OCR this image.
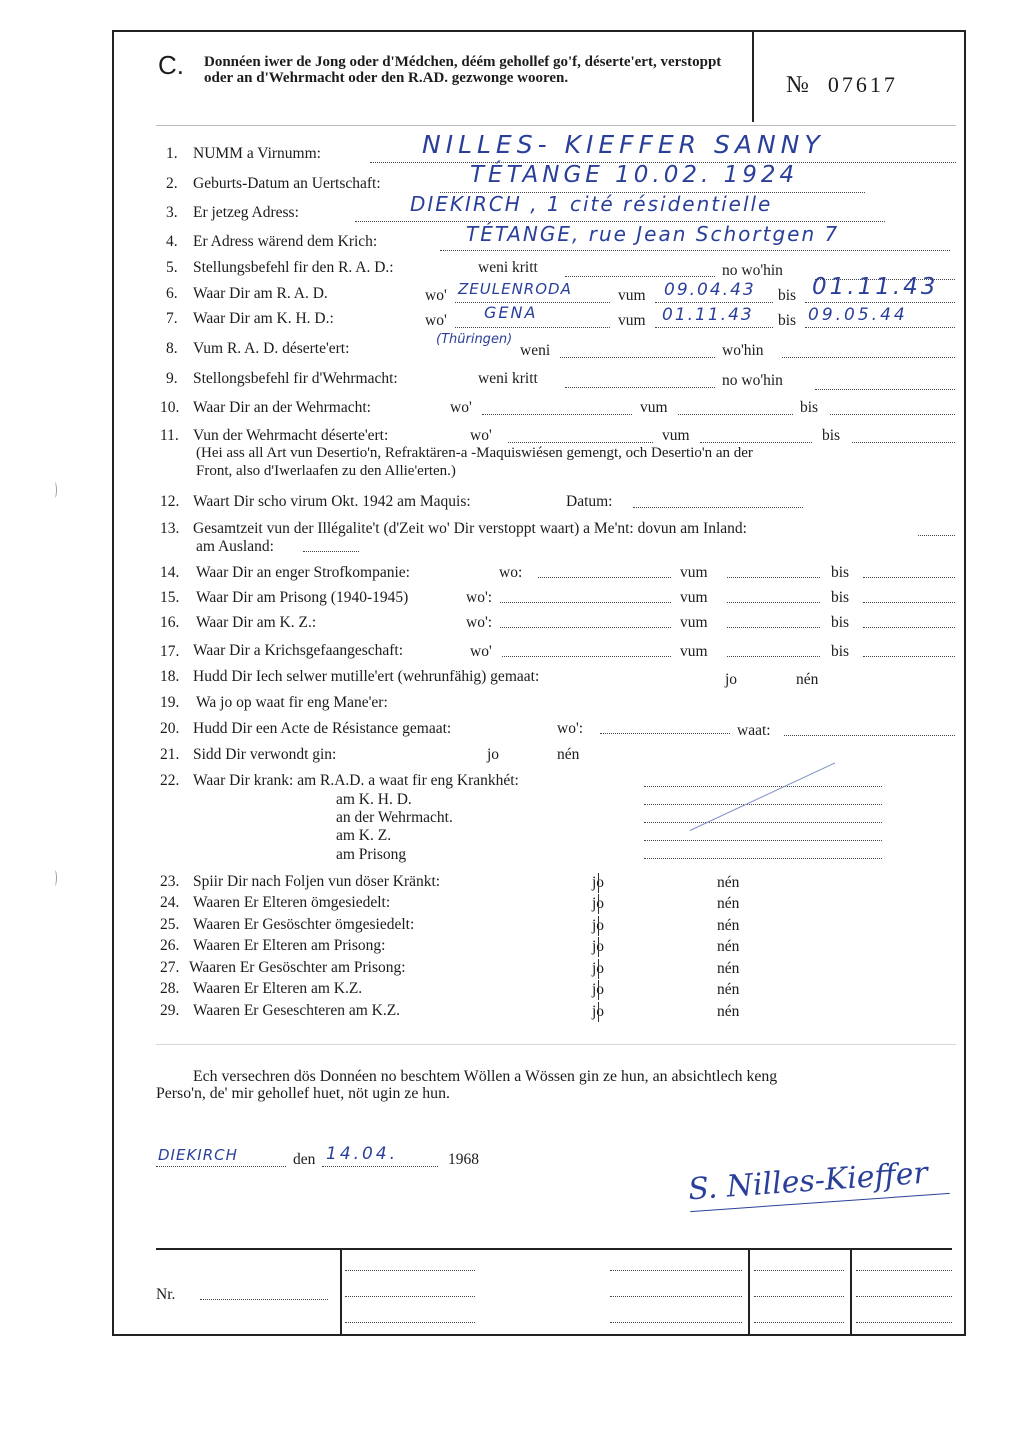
C. Donnéen iwer de Jong oder d'Médchen, déém gehollef go'f, déserte'ert, verstoppt oder an d'Wehrmacht oder den R.AD. gezwonge wooren.	№ 07617
1. NUMM a Virnumm:	NILLES- KIEFFER SANNY
2. Geburts-Datum an Uertschaft:	TÉTANGE 10.02. 1924
3. Er jetzeg Adress:	DIEKIRCH , 1 cité résidentielle
4. Er Adress wärend dem Krich:	TÉTANGE, rue Jean Schortgen 7
5. Stellungsbefehl fir den R. A. D.:	weni kritt	no wo'hin
6. Waar Dir am R. A. D.	wo' ZEULENRODA	vum 09.04.43 bis 01.11.43
7. Waar Dir am K. H. D.:	wo' GENA	vum 01.11.43 bis 09.05.44
8. Vum R. A. D. déserte'ert:
(Thüringen)
weni	wo'hin
9. Stellongsbefehl fir d'Wehrmacht:	weni kritt	no wo'hin
10. Waar Dir an der Wehrmacht:	wo'	vum	bis
11. Vun der Wehrmacht déserte'ert:	wo'	vum	bis
(Hei ass all Art vun Desertio'n, Refraktären-a -Maquiswiésen gemengt, och Desertio'n an der
Front, also d'Iwerlaafen zu den Allie'erten.)
12. Waart Dir scho virum Okt. 1942 am Maquis:	Datum:
13. Gesamtzeit vun der Illégalite't (d'Zeit wo' Dir verstoppt waart) a Me'nt: dovun am Inland:
am Ausland:
14. Waar Dir an enger Strofkompanie:	wo:	vum	bis
15. Waar Dir am Prisong (1940-1945)	wo':	vum	bis
16. Waar Dir am K. Z.:	wo':	vum	bis
17. Waar Dir a Krichsgefaangeschaft:	wo'	vum	bis
18. Hudd Dir Iech selwer mutille'ert (wehrunfähig) gemaat:	jo	nén
19. Wa jo op waat fir eng Mane'er:
20. Hudd Dir een Acte de Résistance gemaat:	wo':	waat:
21. Sidd Dir verwondt gin:	jo	nén
22. Waar Dir krank: am R.A.D. a waat fir eng Krankhét:
am K. H. D.
an der Wehrmacht.
am K. Z.
am Prisong
23. Spiir Dir nach Foljen vun döser Kränkt:	jo	nén
24. Waaren Er Elteren ömgesiedelt:	jo	nén
25. Waaren Er Gesöschter ömgesiedelt:	jo	nén
26. Waaren Er Elteren am Prisong:	jo	nén
27. Waaren Er Gesöschter am Prisong:	jo	nén
28. Waaren Er Elteren am K.Z.	jo	nén
29. Waaren Er Geseschteren am K.Z.	jo	nén
Ech versechren dös Donnéen no beschtem Wöllen a Wössen gin ze hun, an absichtlech keng
Perso'n, de' mir gehollef huet, nöt ugin ze hun.
DIEKIRCH	den 14.04.	1968	S. Nilles-Kieffer
Nr.
